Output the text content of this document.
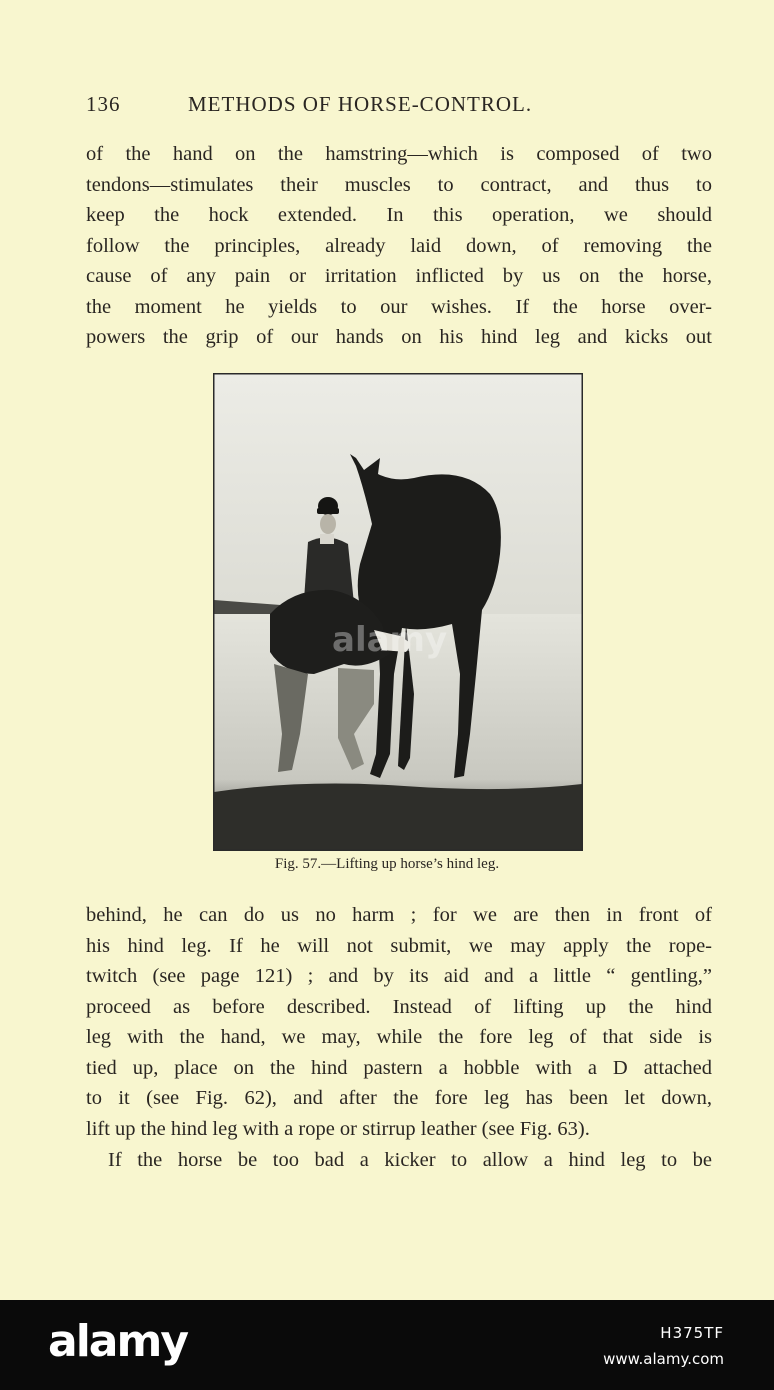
136	METHODS OF HORSE-CONTROL.
of the hand on the hamstring—which is composed of two
tendons—stimulates their muscles to contract, and thus to
keep the hock extended. In this operation, we should
follow the principles, already laid down, of removing the
cause of any pain or irritation inflicted by us on the horse,
the moment he yields to our wishes. If the horse over-
powers the grip of our hands on his hind leg and kicks out
alamy
Fig. 57.—Lifting up horse’s hind leg.
behind, he can do us no harm ; for we are then in front of
his hind leg. If he will not submit, we may apply the rope-
twitch (see page 121) ; and by its aid and a little “ gentling,”
proceed as before described. Instead of lifting up the hind
leg with the hand, we may, while the fore leg of that side is
tied up, place on the hind pastern a hobble with a D attached
to it (see Fig. 62), and after the fore leg has been let down,
lift up the hind leg with a rope or stirrup leather (see Fig. 63).
If the horse be too bad a kicker to allow a hind leg to be
alamy	H375TF
www.alamy.com
